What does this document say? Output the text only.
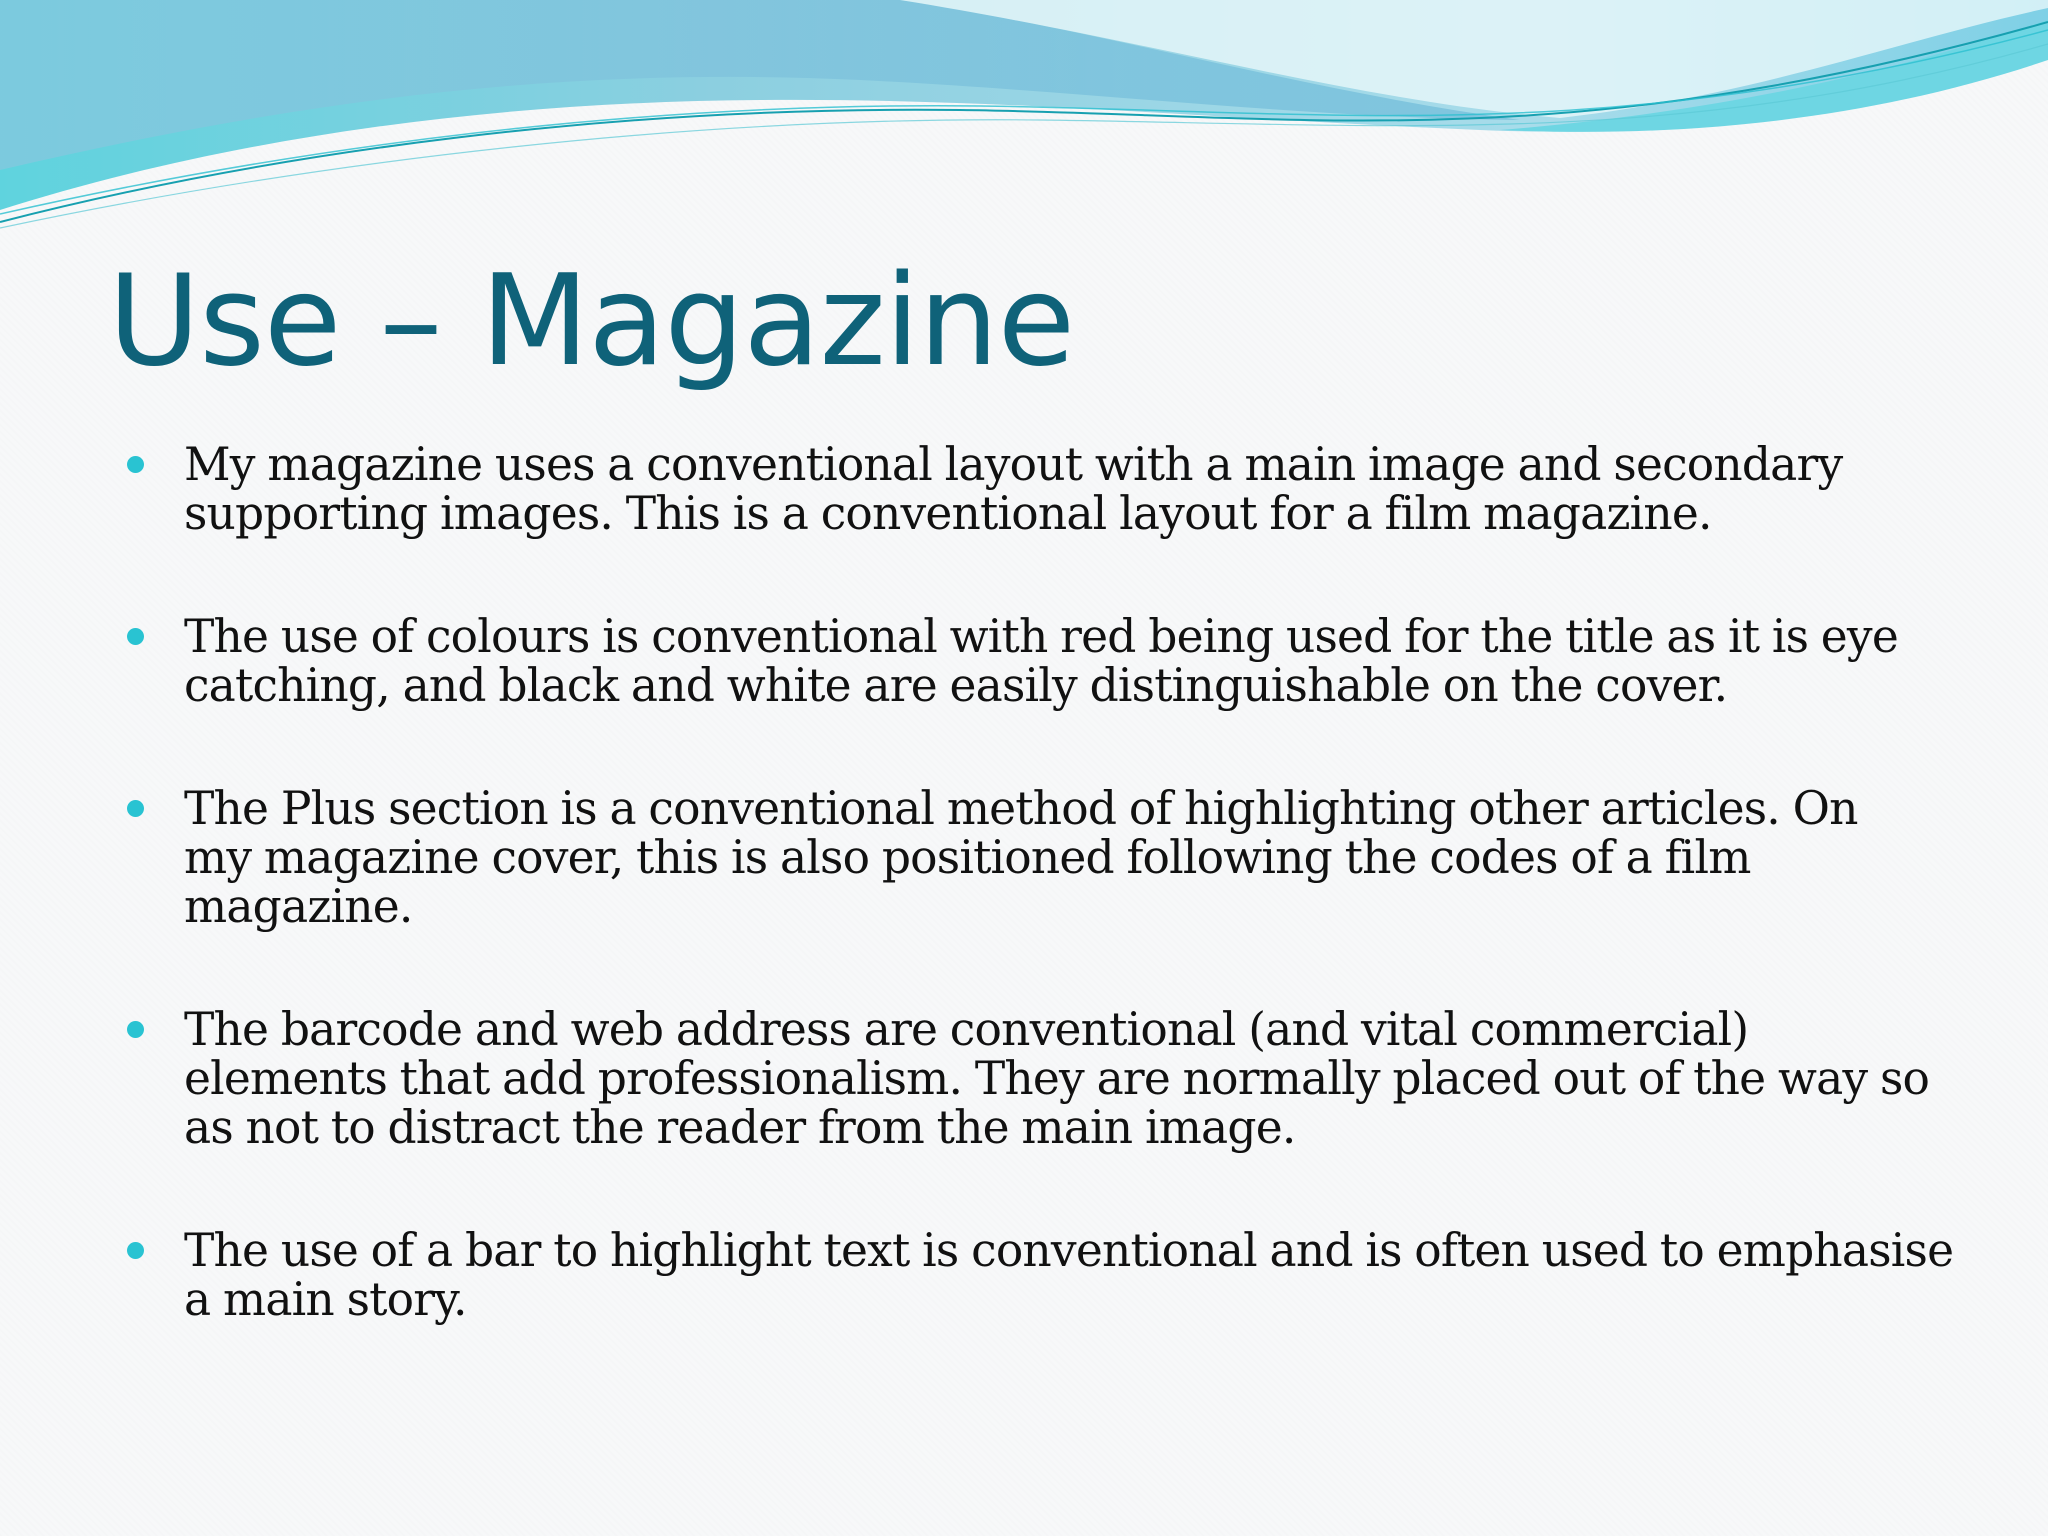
Use – Magazine
My magazine uses a conventional layout with a main image and secondary
supporting images. This is a conventional layout for a film magazine.
The use of colours is conventional with red being used for the title as it is eye
catching, and black and white are easily distinguishable on the cover.
The Plus section is a conventional method of highlighting other articles. On
my magazine cover, this is also positioned following the codes of a film
magazine.
The barcode and web address are conventional (and vital commercial)
elements that add professionalism. They are normally placed out of the way so
as not to distract the reader from the main image.
The use of a bar to highlight text is conventional and is often used to emphasise
a main story.
